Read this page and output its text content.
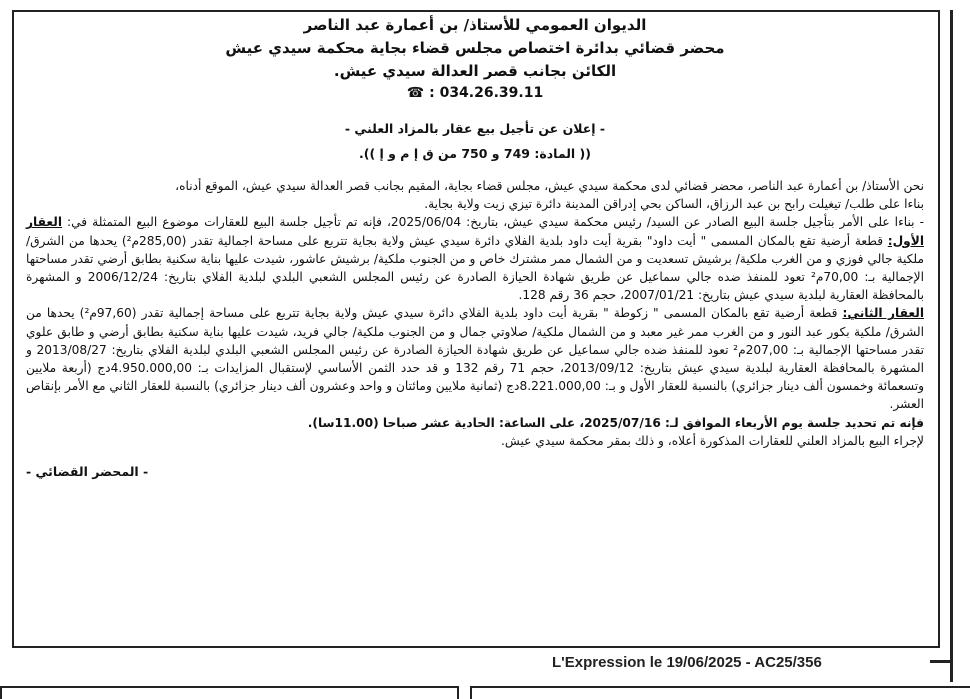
الديوان العمومي للأستاذ/ بن أعمارة عبد الناصر
محضر قضائي بدائرة اختصاص مجلس قضاء بجاية محكمة سيدي عيش
الكائن بجانب قصر العدالة سيدي عيش.
034.26.39.11 : ☎
- إعلان عن تأجيل بيع عقار بالمزاد العلني -
(( المادة: 749 و 750 من ق إ م و إ )).

نحن الأستاذ/ بن أعمارة عبد الناصر، محضر قضائي لدى محكمة سيدي عيش، مجلس قضاء بجاية، المقيم بجانب قصر العدالة سيدي عيش، الموقع أدناه،

بناءا على طلب/ تيغيلت رابح بن عبد الرزاق، الساكن بحي إدراقن المدينة دائرة تيزي زيت ولاية بجاية.

- بناءا على الأمر بتأجيل جلسة البيع الصادر عن السيد/ رئيس محكمة سيدي عيش، بتاريخ: 2025/06/04، فإنه تم تأجيل جلسة البيع للعقارات موضوع البيع المتمثلة في: العقار الأول: قطعة أرضية تقع بالمكان المسمى " أيت داود" بقرية أيت داود بلدية الفلاي دائرة سيدي عيش ولاية بجاية تتربع على مساحة اجمالية تقدر (285,00م²) يحدها من الشرق/ ملكية جالي فوزي و من الغرب ملكية/ برشيش تسعديت و من الشمال ممر مشترك خاص و من الجنوب ملكية/ برشيش عاشور، شيدت عليها بناية سكنية بطابق أرضي تقدر مساحتها الإجمالية بـ: 70,00م² تعود للمنفذ ضده جالي سماعيل عن طريق شهادة الحيازة الصادرة عن رئيس المجلس الشعبي البلدي لبلدية الفلاي بتاريخ: 2006/12/24 و المشهرة بالمحافظة العقارية لبلدية سيدي عيش بتاريخ: 2007/01/21، حجم 36 رقم 128.

العقار الثاني: قطعة أرضية تقع بالمكان المسمى " زكوطة " بقرية أيت داود بلدية الفلاي دائرة سيدي عيش ولاية بجاية تتربع على مساحة إجمالية تقدر (97,60م²) يحدها من الشرق/ ملكية بكور عبد النور و من الغرب ممر غير معبد و من الشمال ملكية/ صلاوتي جمال و من الجنوب ملكية/ جالي فريد، شيدت عليها بناية سكنية بطابق أرضي و طابق علوي تقدر مساحتها الإجمالية بـ: 207,00م² تعود للمنفذ ضده جالي سماعيل عن طريق شهادة الحيازة الصادرة عن رئيس المجلس الشعبي البلدي لبلدية الفلاي بتاريخ: 2013/08/27 و المشهرة بالمحافظة العقارية لبلدية سيدي عيش بتاريخ: 2013/09/12، حجم 71 رقم 132 و قد حدد الثمن الأساسي لإستقبال المزايدات بـ: 4.950.000,00دج (أربعة ملايين وتسعمائة وخمسون ألف دينار جزائري) بالنسبة للعقار الأول و بـ: 8.221.000,00دج (ثمانية ملايين ومائتان و واحد وعشرون ألف دينار جزائري) بالنسبة للعقار الثاني مع الأمر بإنقاص العشر.

فإنه تم تحديد جلسة يوم الأربعاء الموافق لـ: 2025/07/16، على الساعة: الحادية عشر صباحا (11.00سا).

لإجراء البيع بالمزاد العلني للعقارات المذكورة أعلاه، و ذلك بمقر محكمة سيدي عيش.

- المحضر القضائي -
L'Expression le 19/06/2025 - AC25/356
